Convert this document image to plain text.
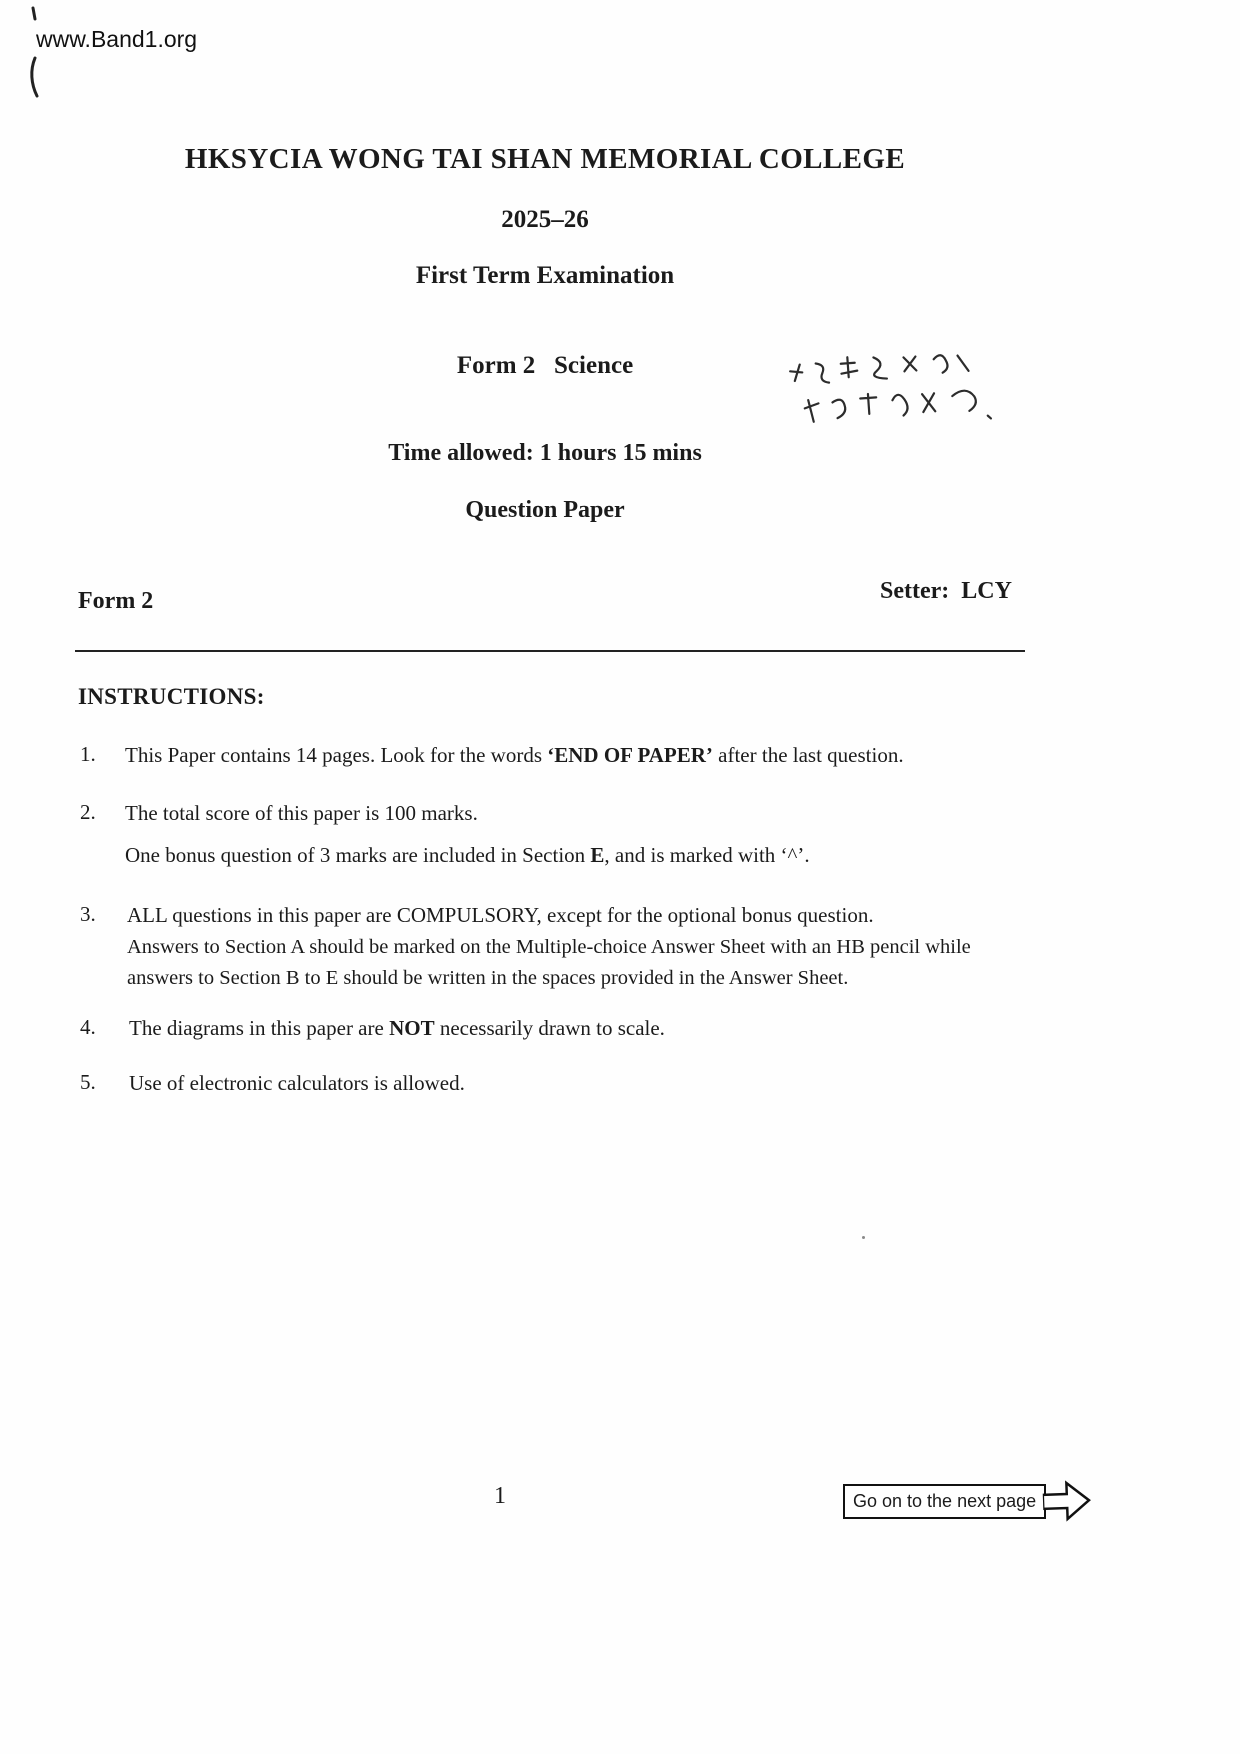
www.Band1.org
HKSYCIA WONG TAI SHAN MEMORIAL COLLEGE
2025–26
First Term Examination
Form 2   Science
Time allowed: 1 hours 15 mins
Question Paper
Form 2	Setter:  LCY
INSTRUCTIONS:
1. This Paper contains 14 pages. Look for the words ‘END OF PAPER’ after the last question.
2. The total score of this paper is 100 marks.
One bonus question of 3 marks are included in Section E, and is marked with ‘^’.
3. ALL questions in this paper are COMPULSORY, except for the optional bonus question.
Answers to Section A should be marked on the Multiple-choice Answer Sheet with an HB pencil while answers to Section B to E should be written in the spaces provided in the Answer Sheet.
4. The diagrams in this paper are NOT necessarily drawn to scale.
5. Use of electronic calculators is allowed.
1	Go on to the next page
